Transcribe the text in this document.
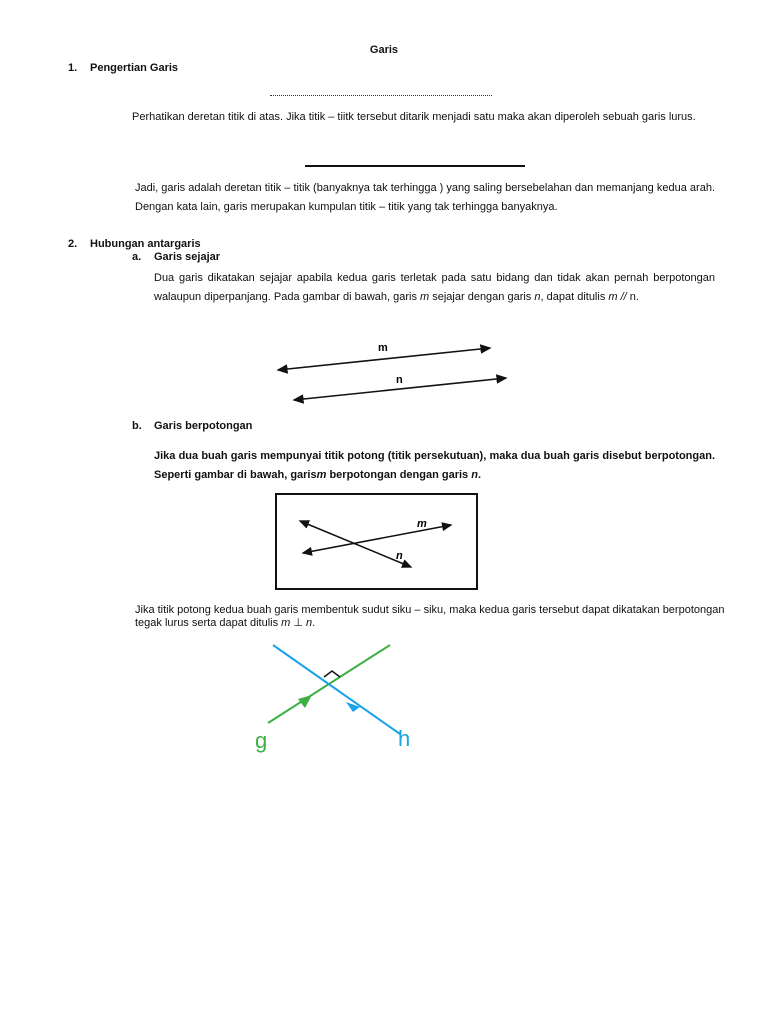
Garis
1. Pengertian Garis
Perhatikan deretan titik di atas. Jika titik – tiitk tersebut ditarik menjadi satu maka akan diperoleh sebuah garis lurus.
Jadi, garis adalah deretan titik – titik (banyaknya tak terhingga ) yang saling bersebelahan dan memanjang kedua arah. Dengan kata lain, garis merupakan kumpulan titik – titik yang tak terhingga banyaknya.
2. Hubungan antargaris
a. Garis sejajar
Dua garis dikatakan sejajar apabila kedua garis terletak pada satu bidang dan tidak akan pernah berpotongan walaupun diperpanjang. Pada gambar di bawah, garis m sejajar dengan garis n, dapat ditulis m // n.
m
n
b. Garis berpotongan
Jika dua buah garis mempunyai titik potong (titik persekutuan), maka dua buah garis disebut berpotongan. Seperti gambar di bawah, garism berpotongan dengan garis n.
m
n
Jika titik potong kedua buah garis membentuk sudut siku – siku, maka kedua garis tersebut dapat dikatakan berpotongan tegak lurus serta dapat ditulis m ⊥ n.
g	h
